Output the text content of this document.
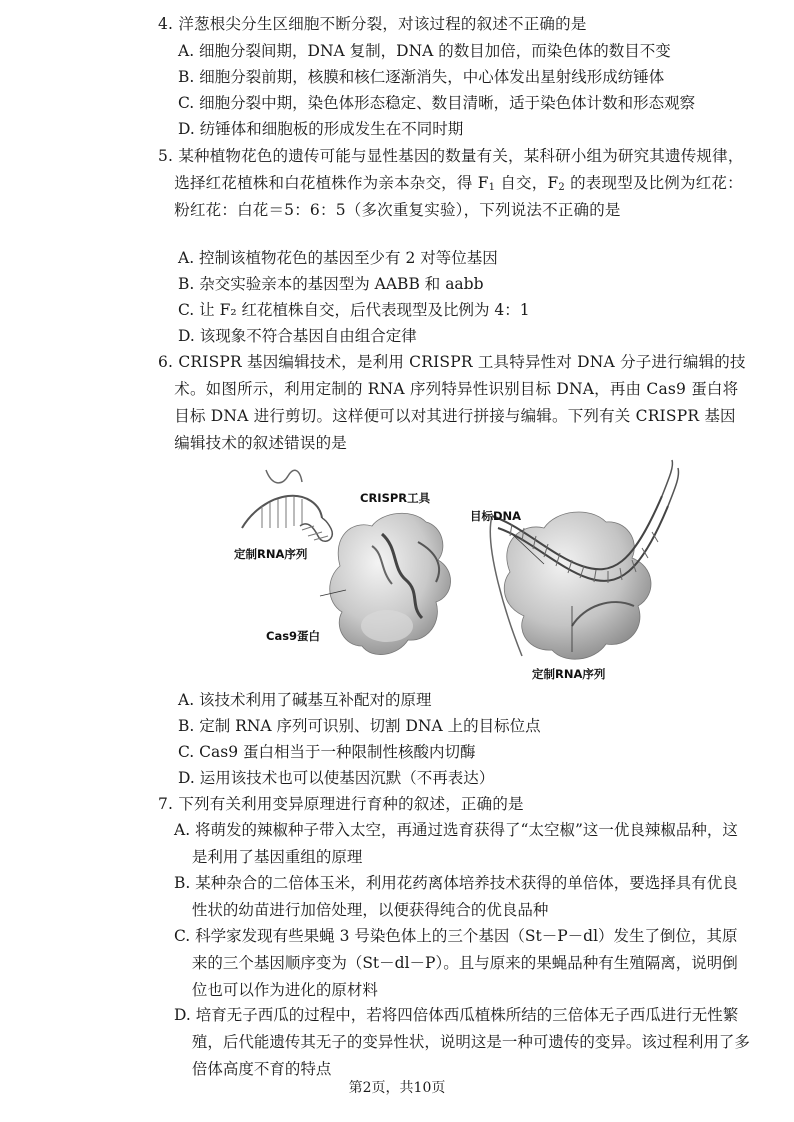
4. 洋葱根尖分生区细胞不断分裂，对该过程的叙述不正确的是
A. 细胞分裂间期，DNA 复制，DNA 的数目加倍，而染色体的数目不变
B. 细胞分裂前期，核膜和核仁逐渐消失，中心体发出星射线形成纺锤体
C. 细胞分裂中期，染色体形态稳定、数目清晰，适于染色体计数和形态观察
D. 纺锤体和细胞板的形成发生在不同时期
5. 某种植物花色的遗传可能与显性基因的数量有关，某科研小组为研究其遗传规律，选择红花植株和白花植株作为亲本杂交，得 $F_1$ 自交，$F_2$ 的表现型及比例为红花：粉红花：白花＝5：6：5（多次重复实验），下列说法不正确的是
A. 控制该植物花色的基因至少有 2 对等位基因
B. 杂交实验亲本的基因型为 AABB 和 aabb
C. 让 F₂ 红花植株自交，后代表现型及比例为 4：1
D. 该现象不符合基因自由组合定律
6. CRISPR 基因编辑技术，是利用 CRISPR 工具特异性对 DNA 分子进行编辑的技术。如图所示，利用定制的 RNA 序列特异性识别目标 DNA，再由 Cas9 蛋白将目标 DNA 进行剪切。这样便可以对其进行拼接与编辑。下列有关 CRISPR 基因编辑技术的叙述错误的是
CRISPR工具
目标DNA
定制RNA序列
Cas9蛋白
定制RNA序列
A. 该技术利用了碱基互补配对的原理
B. 定制 RNA 序列可识别、切割 DNA 上的目标位点
C. Cas9 蛋白相当于一种限制性核酸内切酶
D. 运用该技术也可以使基因沉默（不再表达）
7. 下列有关利用变异原理进行育种的叙述，正确的是
A. 将萌发的辣椒种子带入太空，再通过选育获得了“太空椒”这一优良辣椒品种，这是利用了基因重组的原理
B. 某种杂合的二倍体玉米，利用花药离体培养技术获得的单倍体，要选择具有优良性状的幼苗进行加倍处理，以便获得纯合的优良品种
C. 科学家发现有些果蝇 3 号染色体上的三个基因（St－P－dl）发生了倒位，其原来的三个基因顺序变为（St－dl－P）。且与原来的果蝇品种有生殖隔离，说明倒位也可以作为进化的原材料
D. 培育无子西瓜的过程中，若将四倍体西瓜植株所结的三倍体无子西瓜进行无性繁殖，后代能遗传其无子的变异性状，说明这是一种可遗传的变异。该过程利用了多倍体高度不育的特点
第2页，共10页
